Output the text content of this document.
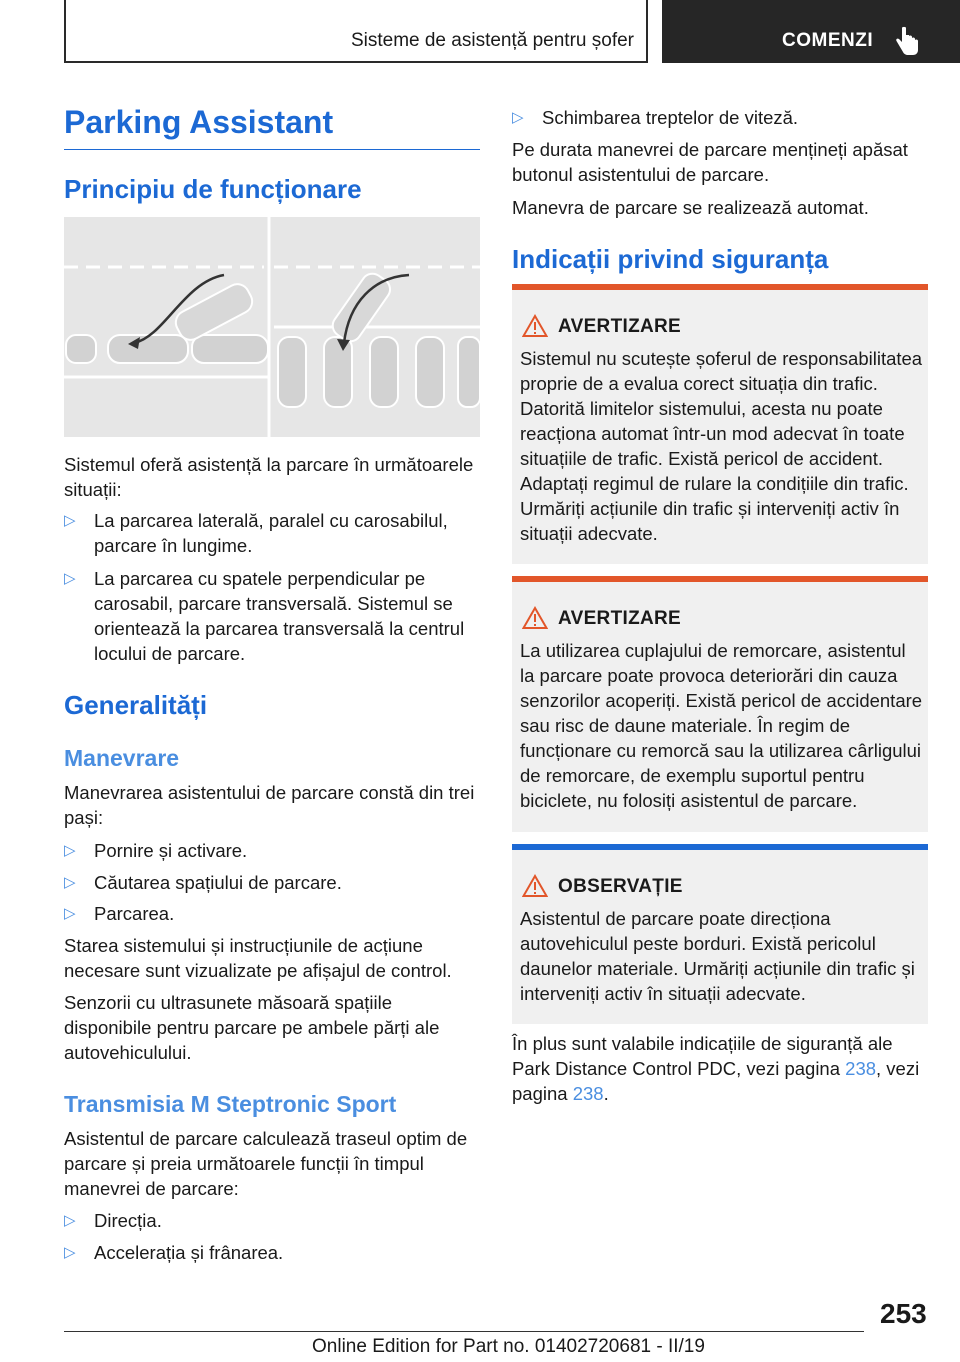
Sisteme de asistență pentru șofer	COMENZI
Parking Assistant
Principiu de funcționare

Sistemul oferă asistență la parcare în următoarele situații:

▷ La parcarea laterală, paralel cu carosabilul, parcare în lungime.
▷ La parcarea cu spatele perpendicular pe carosabil, parcare transversală. Sistemul se orientează la parcarea transversală la centrul locului de parcare.
Generalități
Manevrare

Manevrarea asistentului de parcare constă din trei pași:

▷ Pornire și activare.
▷ Căutarea spațiului de parcare.
▷ Parcarea.

Starea sistemului și instrucțiunile de acțiune necesare sunt vizualizate pe afișajul de control.

Senzorii cu ultrasunete măsoară spațiile disponibile pentru parcare pe ambele părți ale autovehiculului.

Transmisia M Steptronic Sport

Asistentul de parcare calculează traseul optim de parcare și preia următoarele funcții în timpul manevrei de parcare:

▷ Direcția.
▷ Accelerația și frânarea.
▷ Schimbarea treptelor de viteză.

Pe durata manevrei de parcare mențineți apăsat butonul asistentului de parcare.

Manevra de parcare se realizează automat.

Indicații privind siguranța
AVERTIZARE
Sistemul nu scutește șoferul de responsabilitatea proprie de a evalua corect situația din trafic. Datorită limitelor sistemului, acesta nu poate reacționa automat într-un mod adecvat în toate situațiile de trafic. Există pericol de accident. Adaptați regimul de rulare la condițiile din trafic. Urmăriți acțiunile din trafic și interveniți activ în situații adecvate.
AVERTIZARE
La utilizarea cuplajului de remorcare, asistentul la parcare poate provoca deteriorări din cauza senzorilor acoperiți. Există pericol de accidentare sau risc de daune materiale. În regim de funcționare cu remorcă sau la utilizarea cârligului de remorcare, de exemplu suportul pentru biciclete, nu folosiți asistentul de parcare.
OBSERVAȚIE
Asistentul de parcare poate direcționa autovehiculul peste borduri. Există pericolul daunelor materiale. Urmăriți acțiunile din trafic și interveniți activ în situații adecvate.

În plus sunt valabile indicațiile de siguranță ale Park Distance Control PDC, vezi pagina 238, vezi pagina 238.

253
Online Edition for Part no. 01402720681 - II/19
